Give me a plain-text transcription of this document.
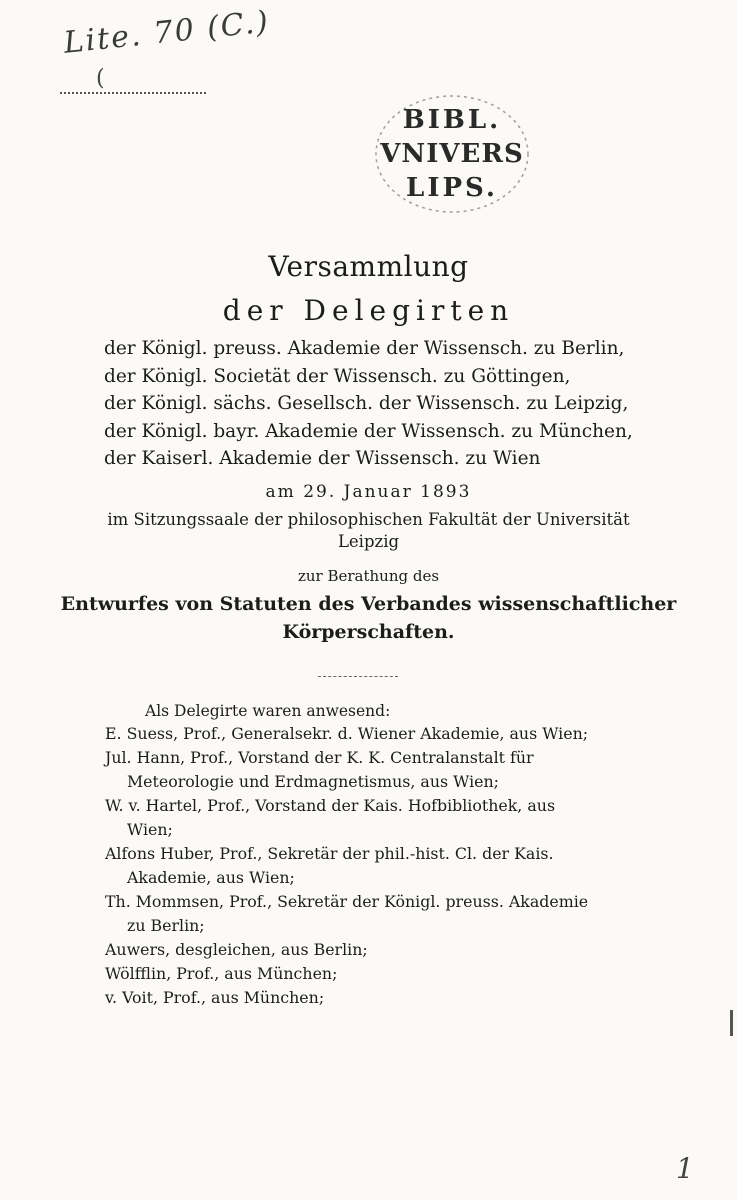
Lite. 70 (C.)
(
BIBL.
VNIVERS
LIPS.
Versammlung
der Delegirten
der Königl. preuss. Akademie der Wissensch. zu Berlin,
der Königl. Societät der Wissensch. zu Göttingen,
der Königl. sächs. Gesellsch. der Wissensch. zu Leipzig,
der Königl. bayr. Akademie der Wissensch. zu München,
der Kaiserl. Akademie der Wissensch. zu Wien
am 29. Januar 1893
im Sitzungssaale der philosophischen Fakultät der Universität
Leipzig
zur Berathung des
Entwurfes von Statuten des Verbandes wissenschaftlicher
Körperschaften.
Als Delegirte waren anwesend:
E. Suess, Prof., Generalsekr. d. Wiener Akademie, aus Wien;
Jul. Hann, Prof., Vorstand der K. K. Centralanstalt für Meteorologie und Erdmagnetismus, aus Wien;
W. v. Hartel, Prof., Vorstand der Kais. Hofbibliothek, aus Wien;
Alfons Huber, Prof., Sekretär der phil.-hist. Cl. der Kais. Akademie, aus Wien;
Th. Mommsen, Prof., Sekretär der Königl. preuss. Akademie zu Berlin;
Auwers, desgleichen, aus Berlin;
Wölfflin, Prof., aus München;
v. Voit, Prof., aus München;
1
